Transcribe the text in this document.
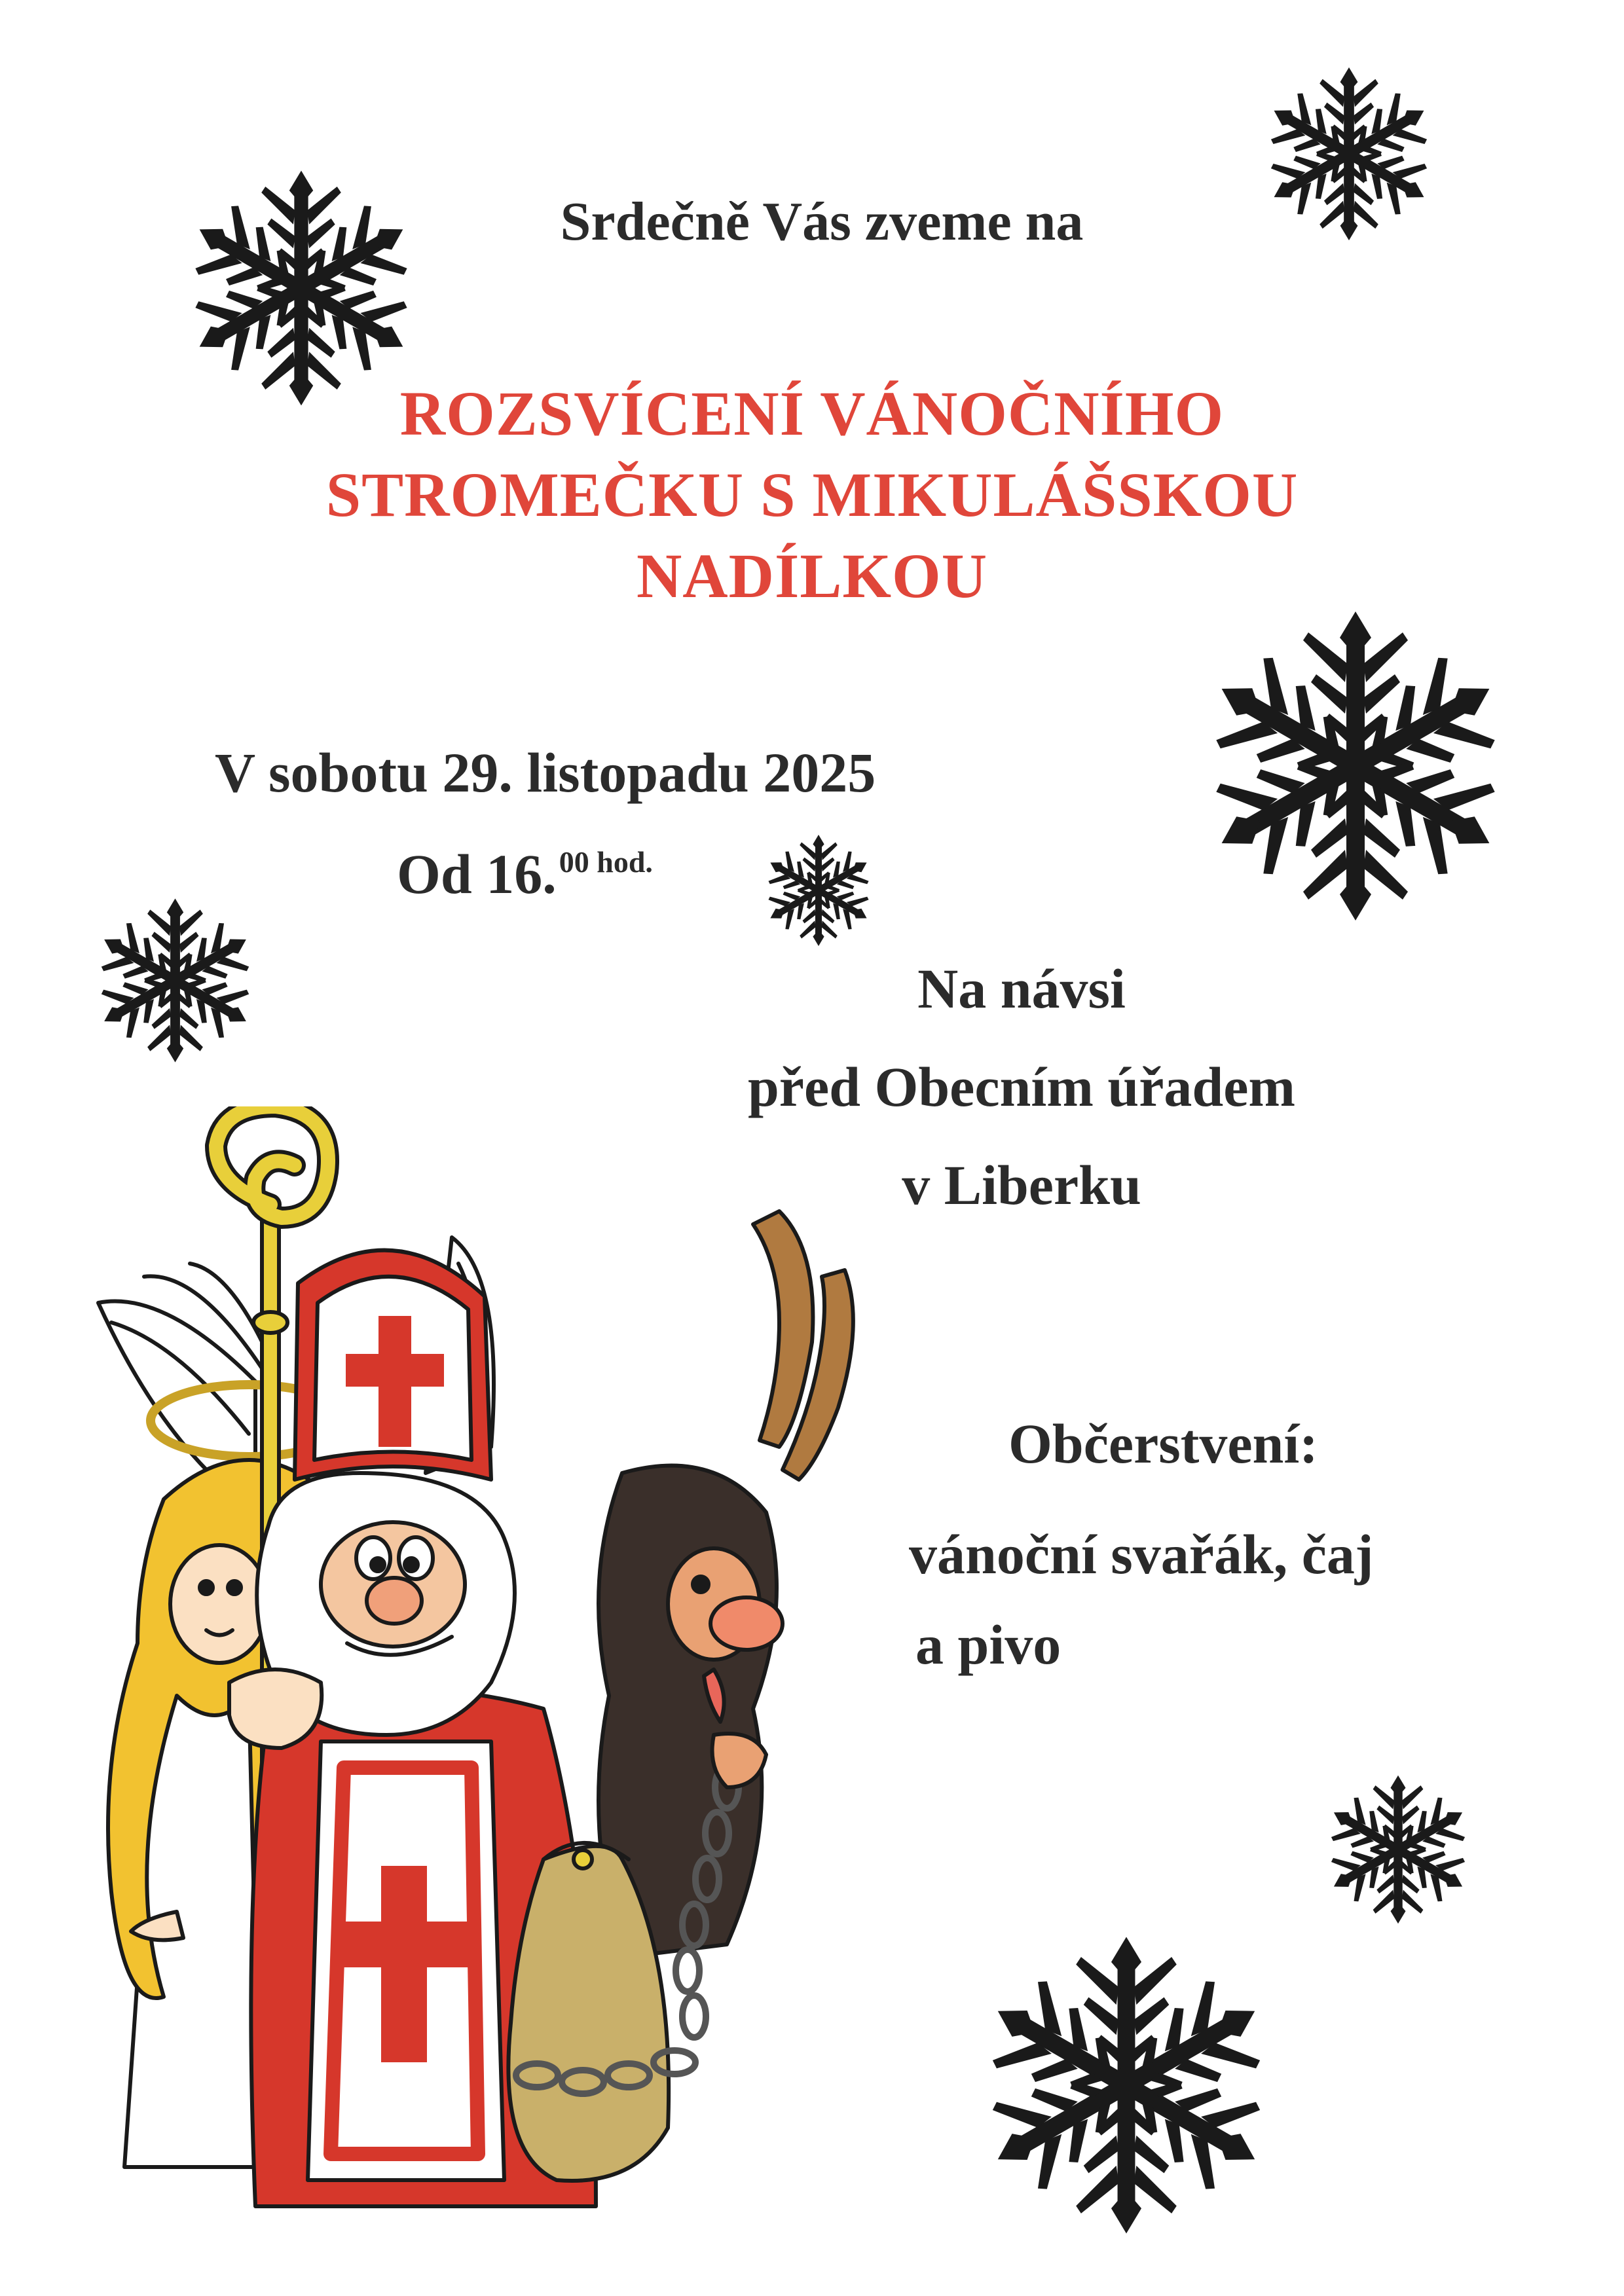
Srdečně Vás zveme na
ROZSVÍCENÍ VÁNOČNÍHO
STROMEČKU S MIKULÁŠSKOU
NADÍLKOU
V sobotu 29. listopadu 2025
Od 16.$^{00 hod.}$
Na návsi
před Obecním úřadem
v Liberku
Občerstvení:
vánoční svařák, čaj
a pivo
